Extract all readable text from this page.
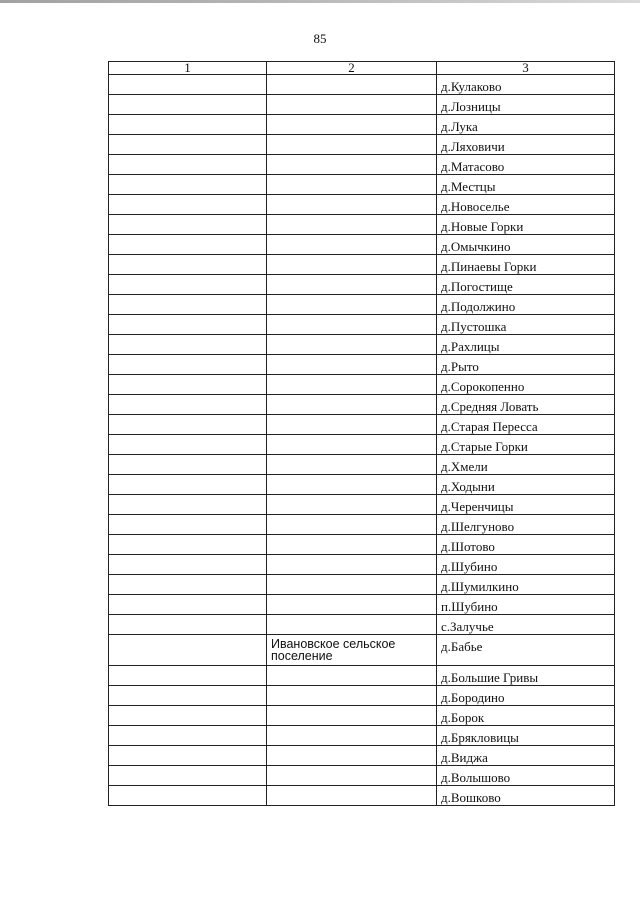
85
1	2	3
		д.Кулаково
		д.Лозницы
		д.Лука
		д.Ляховичи
		д.Матасово
		д.Местцы
		д.Новоселье
		д.Новые Горки
		д.Омычкино
		д.Пинаевы Горки
		д.Погостище
		д.Подолжино
		д.Пустошка
		д.Рахлицы
		д.Рыто
		д.Сорокопенно
		д.Средняя Ловать
		д.Старая Пересса
		д.Старые Горки
		д.Хмели
		д.Ходыни
		д.Черенчицы
		д.Шелгуново
		д.Шотово
		д.Шубино
		д.Шумилкино
		п.Шубино
		с.Залучье
	Ивановское сельское поселение	д.Бабье
		д.Большие Гривы
		д.Бородино
		д.Борок
		д.Брякловицы
		д.Виджа
		д.Волышово
		д.Вошково
